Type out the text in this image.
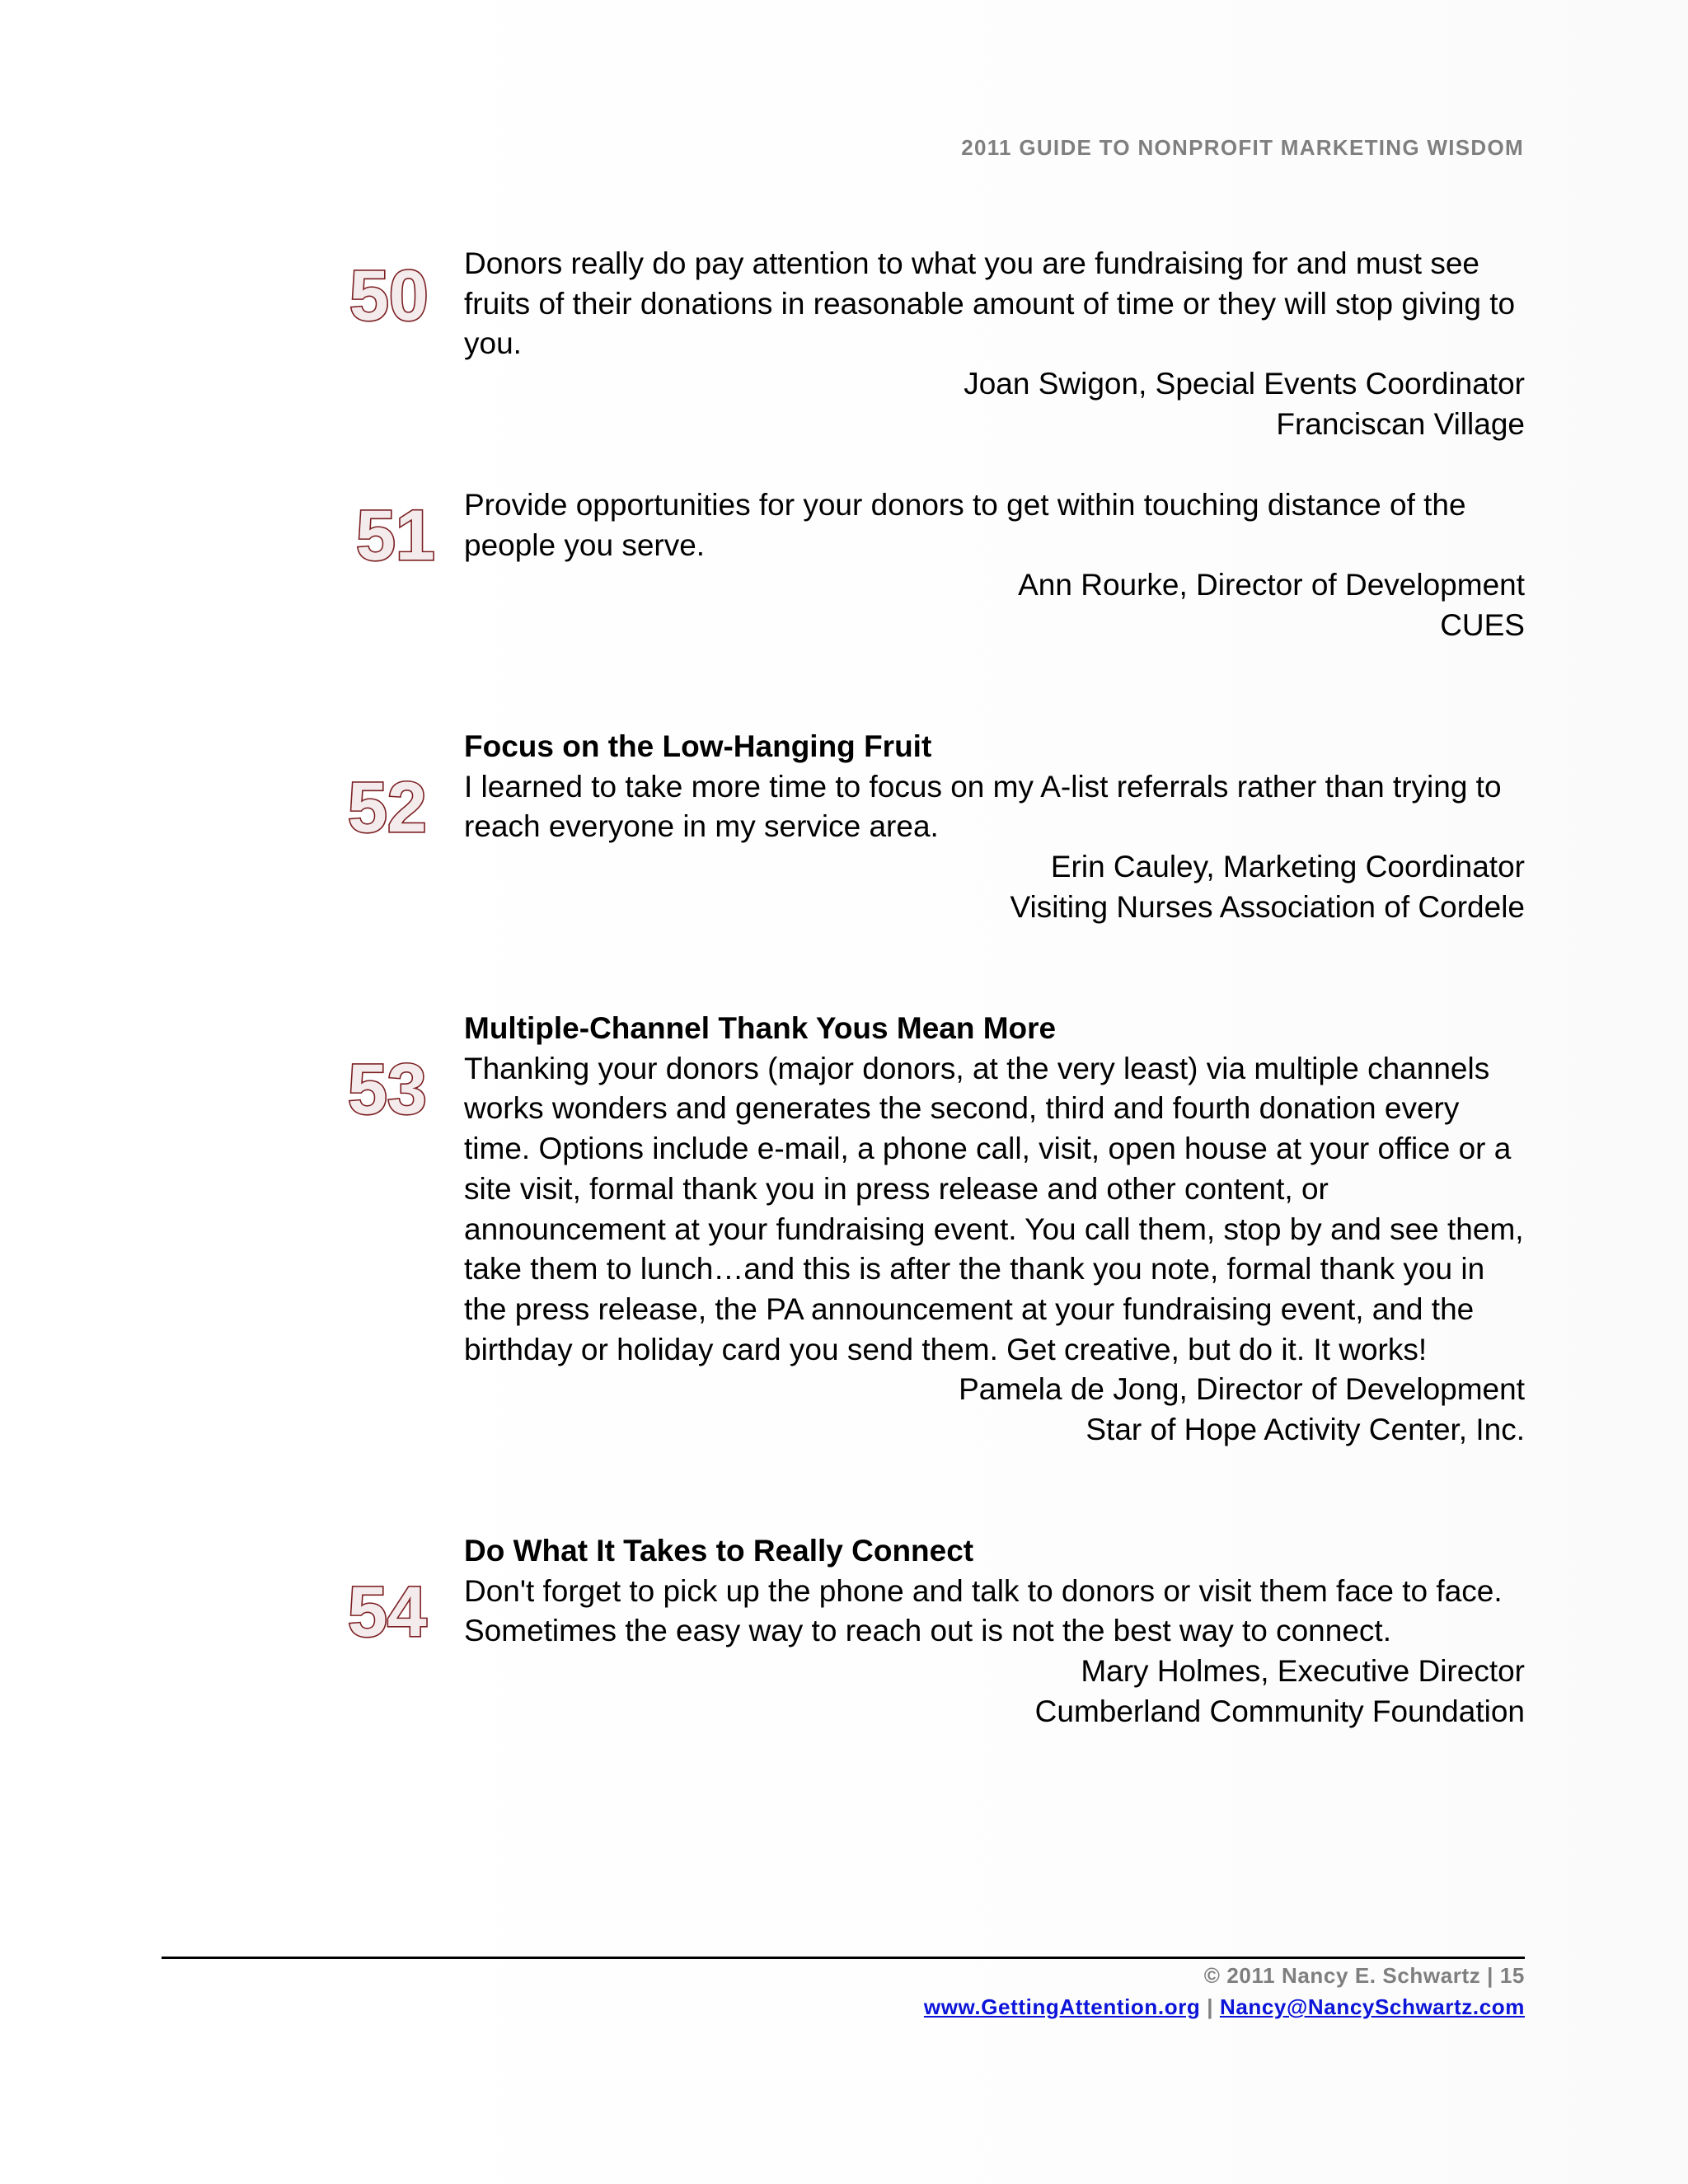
2011 GUIDE TO NONPROFIT MARKETING WISDOM
50 Donors really do pay attention to what you are fundraising for and must see fruits of their donations in reasonable amount of time or they will stop giving to you.
Joan Swigon, Special Events Coordinator
Franciscan Village
51 Provide opportunities for your donors to get within touching distance of the people you serve.
Ann Rourke, Director of Development
CUES
52
Focus on the Low-Hanging Fruit
I learned to take more time to focus on my A-list referrals rather than trying to reach everyone in my service area.
Erin Cauley, Marketing Coordinator
Visiting Nurses Association of Cordele
53
Multiple-Channel Thank Yous Mean More
Thanking your donors (major donors, at the very least) via multiple channels works wonders and generates the second, third and fourth donation every time. Options include e-mail, a phone call, visit, open house at your office or a site visit, formal thank you in press release and other content, or announcement at your fundraising event. You call them, stop by and see them, take them to lunch…and this is after the thank you note, formal thank you in the press release, the PA announcement at your fundraising event, and the birthday or holiday card you send them. Get creative, but do it. It works!
Pamela de Jong, Director of Development
Star of Hope Activity Center, Inc.
54
Do What It Takes to Really Connect
Don't forget to pick up the phone and talk to donors or visit them face to face. Sometimes the easy way to reach out is not the best way to connect.
Mary Holmes, Executive Director
Cumberland Community Foundation
© 2011 Nancy E. Schwartz | 15
www.GettingAttention.org | Nancy@NancySchwartz.com
